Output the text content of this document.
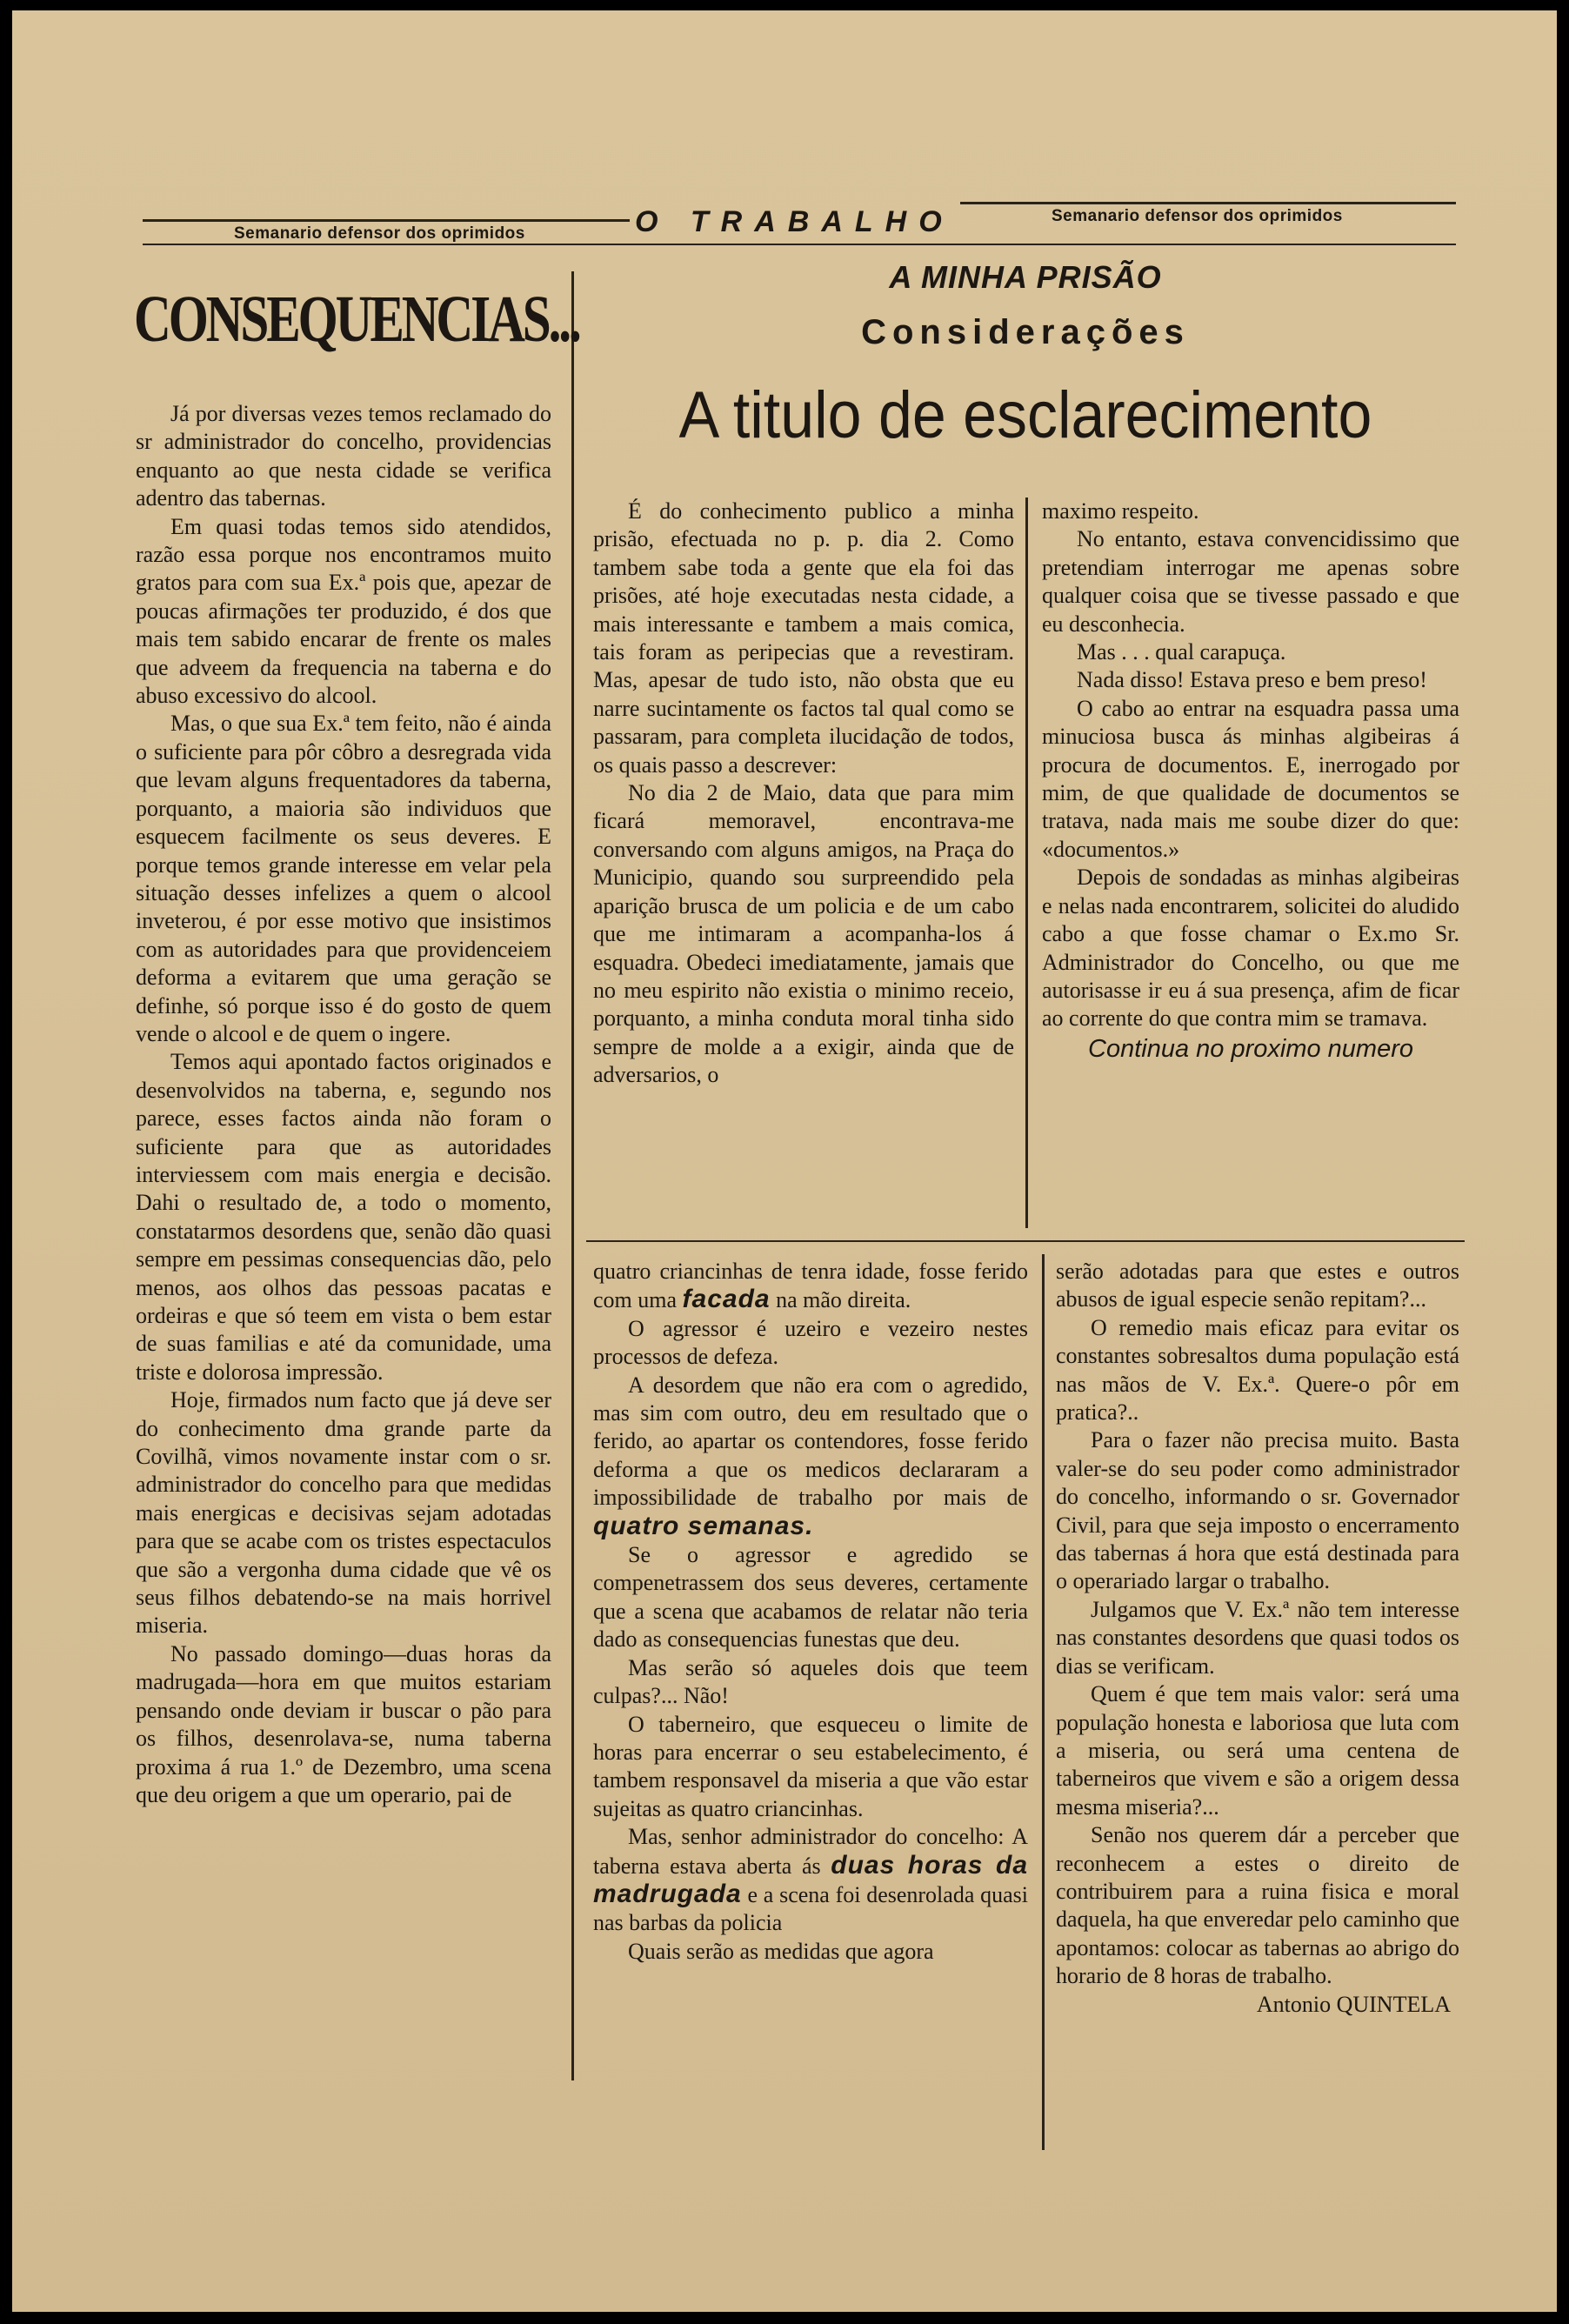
Semanario defensor dos oprimidos	O TRABALHO	Semanario defensor dos oprimidos
CONSEQUENCIAS...

Já por diversas vezes temos reclamado do sr administrador do concelho, providencias enquanto ao que nesta cidade se verifica adentro das tabernas.

Em quasi todas temos sido atendidos, razão essa porque nos encontramos muito gratos para com sua Ex.ª pois que, apezar de poucas afirmações ter produzido, é dos que mais tem sabido encarar de frente os males que adveem da frequencia na taberna e do abuso excessivo do alcool.

Mas, o que sua Ex.ª tem feito, não é ainda o suficiente para pôr côbro a desregrada vida que levam alguns frequentadores da taberna, porquanto, a maioria são individuos que esquecem facilmente os seus deveres. E porque temos grande interesse em velar pela situação desses infelizes a quem o alcool inveterou, é por esse motivo que insistimos com as autoridades para que providenceiem deforma a evitarem que uma geração se definhe, só porque isso é do gosto de quem vende o alcool e de quem o ingere.

Temos aqui apontado factos originados e desenvolvidos na taberna, e, segundo nos parece, esses factos ainda não foram o suficiente para que as autoridades interviessem com mais energia e decisão. Dahi o resultado de, a todo o momento, constatarmos desordens que, senão dão quasi sempre em pessimas consequencias dão, pelo menos, aos olhos das pessoas pacatas e ordeiras e que só teem em vista o bem estar de suas familias e até da comunidade, uma triste e dolorosa impressão.

Hoje, firmados num facto que já deve ser do conhecimento dma grande parte da Covilhã, vimos novamente instar com o sr. administrador do concelho para que medidas mais energicas e decisivas sejam adotadas para que se acabe com os tristes espectaculos que são a vergonha duma cidade que vê os seus filhos debatendo-se na mais horrivel miseria.

No passado domingo—duas horas da madrugada—hora em que muitos estariam pensando onde deviam ir buscar o pão para os filhos, desenrolava-se, numa taberna proxima á rua 1.º de Dezembro, uma scena que deu origem a que um operario, pai de

A MINHA PRISÃO
Considerações
A titulo de esclarecimento

É do conhecimento publico a minha prisão, efectuada no p. p. dia 2. Como tambem sabe toda a gente que ela foi das prisões, até hoje executadas nesta cidade, a mais interessante e tambem a mais comica, tais foram as peripecias que a revestiram. Mas, apesar de tudo isto, não obsta que eu narre sucintamente os factos tal qual como se passaram, para completa ilucidação de todos, os quais passo a descrever:

No dia 2 de Maio, data que para mim ficará memoravel, encontrava-me conversando com alguns amigos, na Praça do Municipio, quando sou surpreendido pela aparição brusca de um policia e de um cabo que me intimaram a acompanha-los á esquadra. Obedeci imediatamente, jamais que no meu espirito não existia o minimo receio, porquanto, a minha conduta moral tinha sido sempre de molde a a exigir, ainda que de adversarios, o

maximo respeito.

No entanto, estava convencidissimo que pretendiam interrogar me apenas sobre qualquer coisa que se tivesse passado e que eu desconhecia.

Mas . . . qual carapuça.

Nada disso! Estava preso e bem preso!

O cabo ao entrar na esquadra passa uma minuciosa busca ás minhas algibeiras á procura de documentos. E, inerrogado por mim, de que qualidade de documentos se tratava, nada mais me soube dizer do que: «documentos.»

Depois de sondadas as minhas algibeiras e nelas nada encontrarem, solicitei do aludido cabo a que fosse chamar o Ex.mo Sr. Administrador do Concelho, ou que me autorisasse ir eu á sua presença, afim de ficar ao corrente do que contra mim se tramava.

Continua no proximo numero

quatro criancinhas de tenra idade, fosse ferido com uma facada na mão direita.

O agressor é uzeiro e vezeiro nestes processos de defeza.

A desordem que não era com o agredido, mas sim com outro, deu em resultado que o ferido, ao apartar os contendores, fosse ferido deforma a que os medicos declararam a impossibilidade de trabalho por mais de quatro semanas.

Se o agressor e agredido se compenetrassem dos seus deveres, certamente que a scena que acabamos de relatar não teria dado as consequencias funestas que deu.

Mas serão só aqueles dois que teem culpas?... Não!

O taberneiro, que esqueceu o limite de horas para encerrar o seu estabelecimento, é tambem responsavel da miseria a que vão estar sujeitas as quatro criancinhas.

Mas, senhor administrador do concelho: A taberna estava aberta ás duas horas da madrugada e a scena foi desenrolada quasi nas barbas da policia

Quais serão as medidas que agora

serão adotadas para que estes e outros abusos de igual especie senão repitam?...

O remedio mais eficaz para evitar os constantes sobresaltos duma população está nas mãos de V. Ex.ª. Quere-o pôr em pratica?..

Para o fazer não precisa muito. Basta valer-se do seu poder como administrador do concelho, informando o sr. Governador Civil, para que seja imposto o encerramento das tabernas á hora que está destinada para o operariado largar o trabalho.

Julgamos que V. Ex.ª não tem interesse nas constantes desordens que quasi todos os dias se verificam.

Quem é que tem mais valor: será uma população honesta e laboriosa que luta com a miseria, ou será uma centena de taberneiros que vivem e são a origem dessa mesma miseria?...

Senão nos querem dár a perceber que reconhecem a estes o direito de contribuirem para a ruina fisica e moral daquela, ha que enveredar pelo caminho que apontamos: colocar as tabernas ao abrigo do horario de 8 horas de trabalho.

Antonio QUINTELA
